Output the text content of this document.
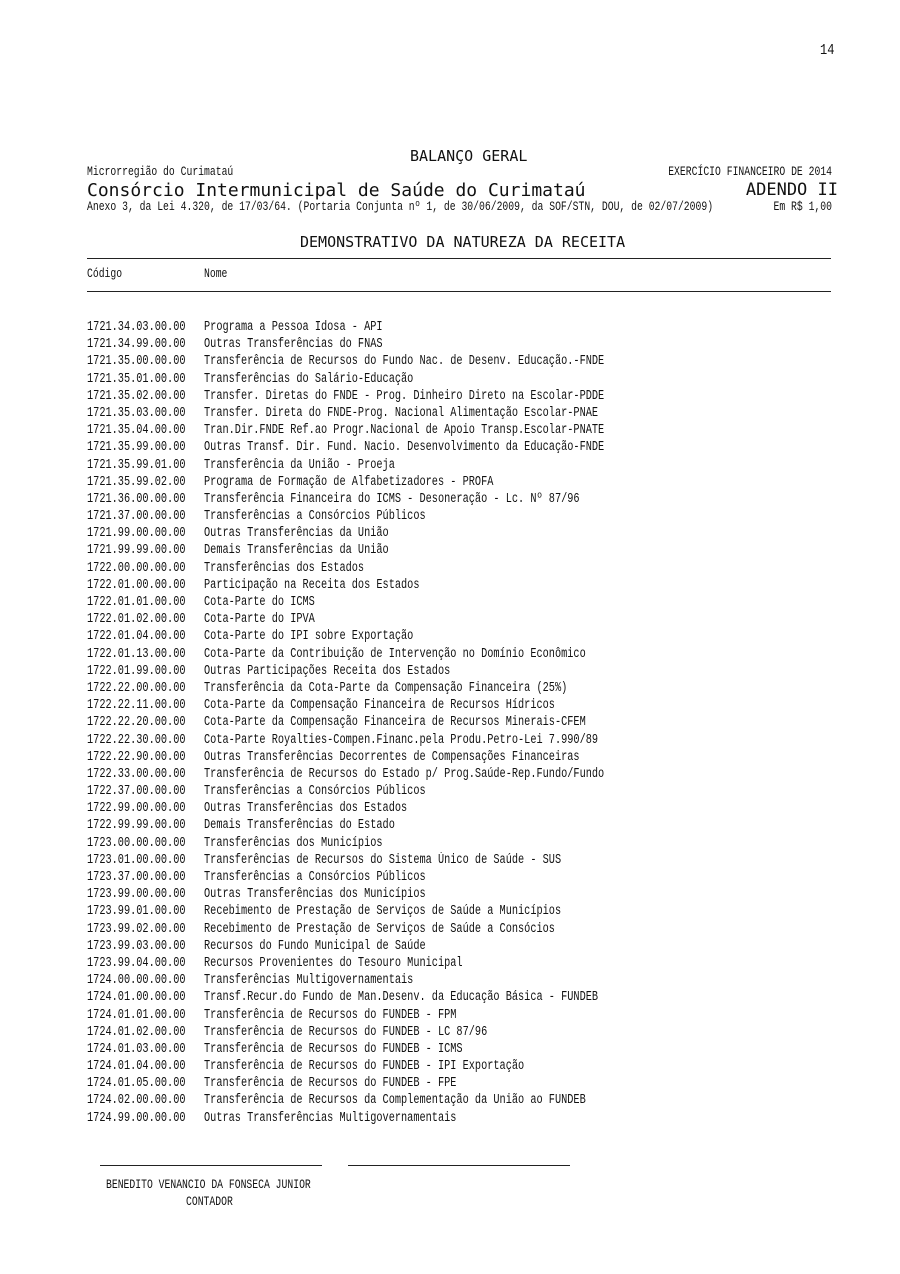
14
BALANÇO GERAL
Microrregião do Curimataú	EXERCÍCIO FINANCEIRO DE 2014
Consórcio Intermunicipal de Saúde do Curimataú	ADENDO II
Anexo 3, da Lei 4.320, de 17/03/64. (Portaria Conjunta nº 1, de 30/06/2009, da SOF/STN, DOU, de 02/07/2009)	Em R$ 1,00
DEMONSTRATIVO DA NATUREZA DA RECEITA
Código	Nome
1721.34.03.00.00	Programa a Pessoa Idosa - API
1721.34.99.00.00	Outras Transferências do FNAS
1721.35.00.00.00	Transferência de Recursos do Fundo Nac. de Desenv. Educação.-FNDE
1721.35.01.00.00	Transferências do Salário-Educação
1721.35.02.00.00	Transfer. Diretas do FNDE - Prog. Dinheiro Direto na Escolar-PDDE
1721.35.03.00.00	Transfer. Direta do FNDE-Prog. Nacional Alimentação Escolar-PNAE
1721.35.04.00.00	Tran.Dir.FNDE Ref.ao Progr.Nacional de Apoio Transp.Escolar-PNATE
1721.35.99.00.00	Outras Transf. Dir. Fund. Nacio. Desenvolvimento da Educação-FNDE
1721.35.99.01.00	Transferência da União - Proeja
1721.35.99.02.00	Programa de Formação de Alfabetizadores - PROFA
1721.36.00.00.00	Transferência Financeira do ICMS - Desoneração - Lc. Nº 87/96
1721.37.00.00.00	Transferências a Consórcios Públicos
1721.99.00.00.00	Outras Transferências da União
1721.99.99.00.00	Demais Transferências da União
1722.00.00.00.00	Transferências dos Estados
1722.01.00.00.00	Participação na Receita dos Estados
1722.01.01.00.00	Cota-Parte do ICMS
1722.01.02.00.00	Cota-Parte do IPVA
1722.01.04.00.00	Cota-Parte do IPI sobre Exportação
1722.01.13.00.00	Cota-Parte da Contribuição de Intervenção no Domínio Econômico
1722.01.99.00.00	Outras Participações Receita dos Estados
1722.22.00.00.00	Transferência da Cota-Parte da Compensação Financeira (25%)
1722.22.11.00.00	Cota-Parte da Compensação Financeira de Recursos Hídricos
1722.22.20.00.00	Cota-Parte da Compensação Financeira de Recursos Minerais-CFEM
1722.22.30.00.00	Cota-Parte Royalties-Compen.Financ.pela Produ.Petro-Lei 7.990/89
1722.22.90.00.00	Outras Transferências Decorrentes de Compensações Financeiras
1722.33.00.00.00	Transferência de Recursos do Estado p/ Prog.Saúde-Rep.Fundo/Fundo
1722.37.00.00.00	Transferências a Consórcios Públicos
1722.99.00.00.00	Outras Transferências dos Estados
1722.99.99.00.00	Demais Transferências do Estado
1723.00.00.00.00	Transferências dos Municípios
1723.01.00.00.00	Transferências de Recursos do Sistema Único de Saúde - SUS
1723.37.00.00.00	Transferências a Consórcios Públicos
1723.99.00.00.00	Outras Transferências dos Municípios
1723.99.01.00.00	Recebimento de Prestação de Serviços de Saúde a Municípios
1723.99.02.00.00	Recebimento de Prestação de Serviços de Saúde a Consócios
1723.99.03.00.00	Recursos do Fundo Municipal de Saúde
1723.99.04.00.00	Recursos Provenientes do Tesouro Municipal
1724.00.00.00.00	Transferências Multigovernamentais
1724.01.00.00.00	Transf.Recur.do Fundo de Man.Desenv. da Educação Básica - FUNDEB
1724.01.01.00.00	Transferência de Recursos do FUNDEB - FPM
1724.01.02.00.00	Transferência de Recursos do FUNDEB - LC 87/96
1724.01.03.00.00	Transferência de Recursos do FUNDEB - ICMS
1724.01.04.00.00	Transferência de Recursos do FUNDEB - IPI Exportação
1724.01.05.00.00	Transferência de Recursos do FUNDEB - FPE
1724.02.00.00.00	Transferência de Recursos da Complementação da União ao FUNDEB
1724.99.00.00.00	Outras Transferências Multigovernamentais
BENEDITO VENANCIO DA FONSECA JUNIOR
CONTADOR
